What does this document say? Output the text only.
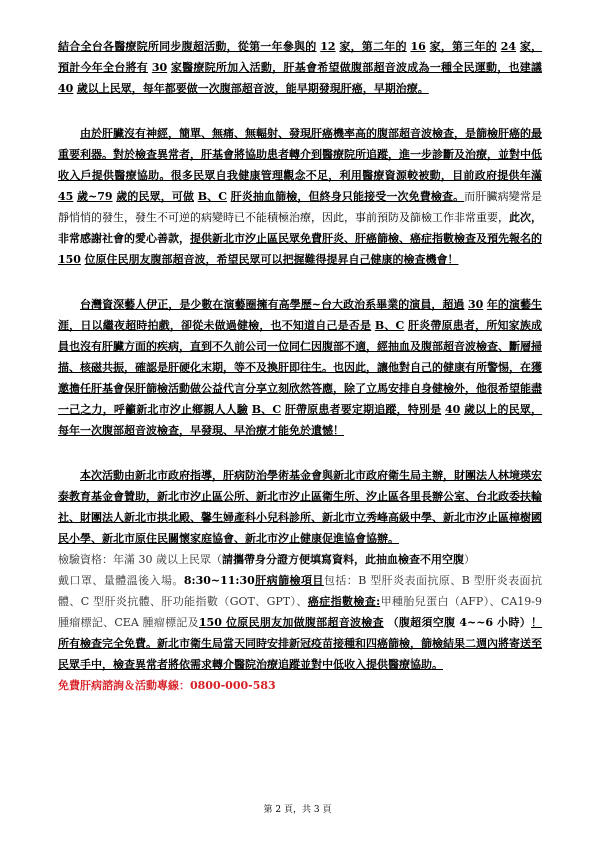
結合全台各醫療院所同步腹超活動，從第一年參與的 12 家，第二年的 16 家，第三年的 24 家，預計今年全台將有 30 家醫療院所加入活動，肝基會希望做腹部超音波成為一種全民運動，也建議 40 歲以上民眾，每年都要做一次腹部超音波，能早期發現肝癌，早期治療。

由於肝臟沒有神經，簡單、無痛、無輻射、發現肝癌機率高的腹部超音波檢查，是篩檢肝癌的最重要利器。對於檢查異常者，肝基會將協助患者轉介到醫療院所追蹤，進一步診斷及治療，並對中低收入戶提供醫療協助。很多民眾自我健康管理觀念不足，利用醫療資源較被動，目前政府提供年滿 45 歲~79 歲的民眾，可做 B、C 肝炎抽血篩檢，但終身只能接受一次免費檢查。而肝臟病變常是靜悄悄的發生，發生不可逆的病變時已不能積極治療，因此，事前預防及篩檢工作非常重要，此次，非常感謝社會的愛心善款，提供新北市汐止區民眾免費肝炎、肝癌篩檢、癌症指數檢查及預先報名的 150 位原住民朋友腹部超音波，希望民眾可以把握難得提昇自己健康的檢查機會！

台灣資深藝人伊正，是少數在演藝圈擁有高學歷~台大政治系畢業的演員，超過 30 年的演藝生涯，日以繼夜超時拍戲，卻從未做過健檢，也不知道自己是否是 B、C 肝炎帶原患者，所知家族成員也沒有肝臟方面的疾病，直到不久前公司一位同仁因腹部不適，經抽血及腹部超音波檢查、斷層掃描、核磁共振，確認是肝硬化末期，等不及換肝即往生。也因此，讓他對自己的健康有所警惕，在獲邀擔任肝基會保肝篩檢活動做公益代言分享立刻欣然答應，除了立馬安排自身健檢外，他很希望能盡一己之力，呼籲新北市汐止鄉親人人驗 B、C 肝帶原患者要定期追蹤，特別是 40 歲以上的民眾，每年一次腹部超音波檢查，早發現、早治療才能免於遺憾！

本次活動由新北市政府指導，肝病防治學術基金會與新北市政府衛生局主辦，財團法人林境瑛宏泰教育基金會贊助，新北市汐止區公所、新北市汐止區衛生所、汐止區各里長辦公室、台北政委扶輪社、財團法人新北市拱北殿、馨生婦產科小兒科診所、新北市立秀峰高級中學、新北市汐止區樟樹國民小學、新北市原住民關懷家庭協會、新北市汐止健康促進協會協辦。
檢驗資格：年滿 30 歲以上民眾（請攜帶身分證方便填寫資料，此抽血檢查不用空腹）
戴口罩、量體溫後入場。8:30~11:30肝病篩檢項目包括：B 型肝炎表面抗原、B 型肝炎表面抗體、C 型肝炎抗體、肝功能指數（GOT、GPT）、癌症指數檢查:甲種胎兒蛋白（AFP）、CA19-9 腫瘤標記、CEA 腫瘤標記及150 位原民朋友加做腹部超音波檢查 （腹超須空腹 4~~6 小時）！所有檢查完全免費。新北市衛生局當天同時安排新冠疫苗接種和四癌篩檢，篩檢結果二週內將寄送至民眾手中，檢查異常者將依需求轉介醫院治療追蹤並對中低收入提供醫療協助。
免費肝病諮詢＆活動專線：0800-000-583

第 2 頁，共 3 頁
